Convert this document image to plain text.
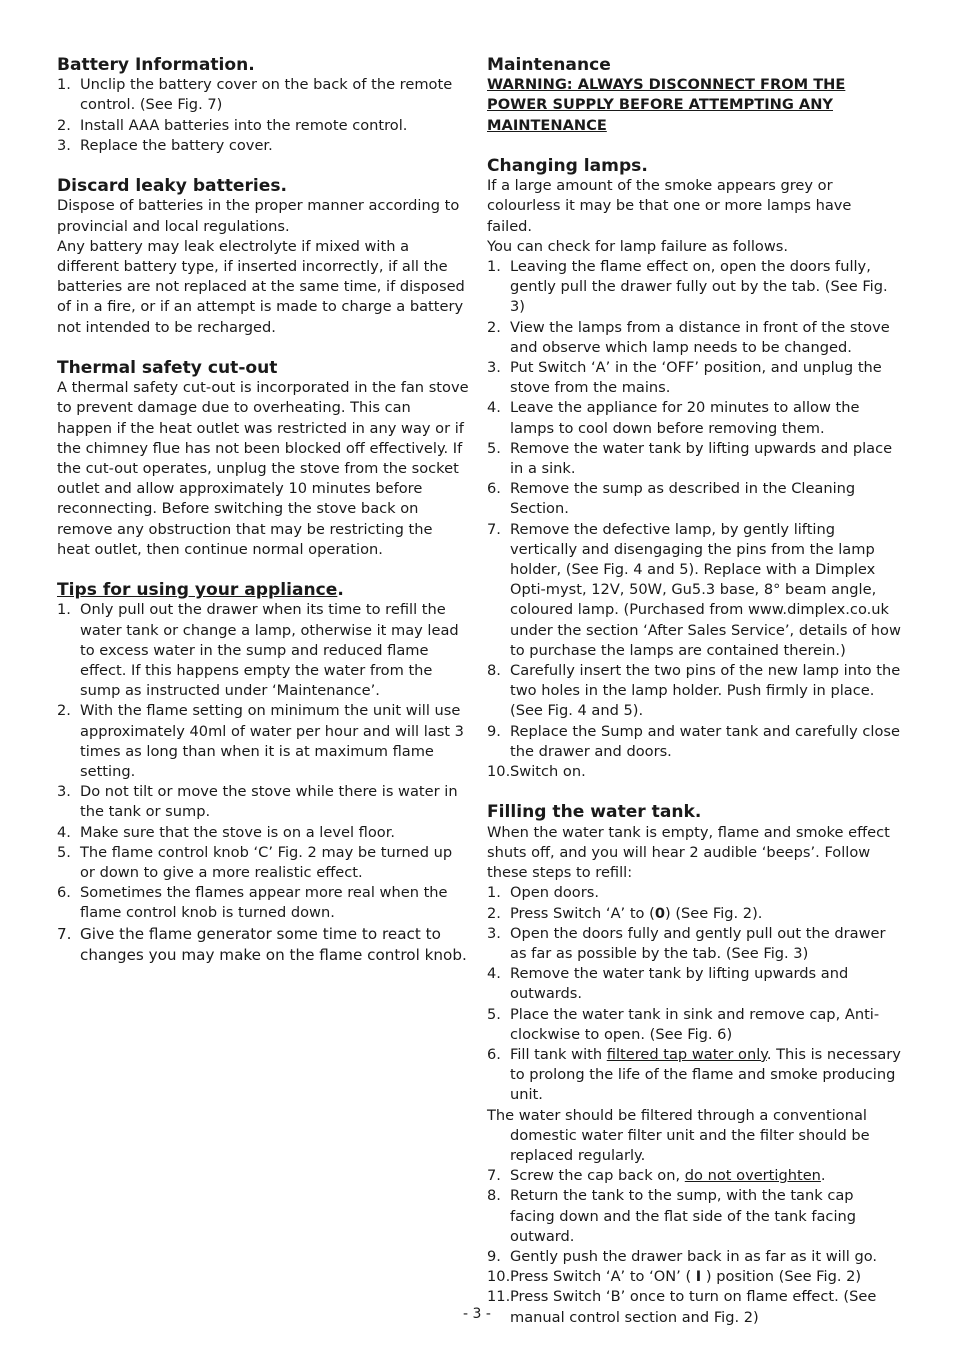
Battery Information.
1. Unclip the battery cover on the back of the remote control. (See Fig. 7)
2. Install AAA batteries into the remote control.
3. Replace the battery cover.
Discard leaky batteries.

Dispose of batteries in the proper manner according to provincial and local regulations.

Any battery may leak electrolyte if mixed with a different battery type, if inserted incorrectly, if all the batteries are not replaced at the same time, if disposed of in a fire, or if an attempt is made to charge a battery not intended to be recharged.

Thermal safety cut-out

A thermal safety cut-out is incorporated in the fan stove to prevent damage due to overheating. This can happen if the heat outlet was restricted in any way or if the chimney flue has not been blocked off effectively. If the cut-out operates, unplug the stove from the socket outlet and allow approximately 10 minutes before reconnecting. Before switching the stove back on remove any obstruction that may be restricting the heat outlet, then continue normal operation.

Tips for using your appliance.
1. Only pull out the drawer when its time to refill the water tank or change a lamp, otherwise it may lead to excess water in the sump and reduced flame effect. If this happens empty the water from the sump as instructed under ‘Maintenance’.
2. With the flame setting on minimum the unit will use approximately 40ml of water per hour and will last 3 times as long than when it is at maximum flame setting.
3. Do not tilt or move the stove while there is water in the tank or sump.
4. Make sure that the stove is on a level floor.
5. The flame control knob ‘C’ Fig. 2 may be turned up or down to give a more realistic effect.
6. Sometimes the flames appear more real when the flame control knob is turned down.
7. Give the flame generator some time to react to changes you may make on the flame control knob.
Maintenance

WARNING: ALWAYS DISCONNECT FROM THE POWER SUPPLY BEFORE ATTEMPTING ANY MAINTENANCE

Changing lamps.

If a large amount of the smoke appears grey or colourless it may be that one or more lamps have failed.

You can check for lamp failure as follows.

1. Leaving the flame effect on, open the doors fully, gently pull the drawer fully out by the tab. (See Fig. 3)
2. View the lamps from a distance in front of the stove and observe which lamp needs to be changed.
3. Put Switch ‘A’ in the ‘OFF’ position, and unplug the stove from the mains.
4. Leave the appliance for 20 minutes to allow the lamps to cool down before removing them.
5. Remove the water tank by lifting upwards and place in a sink.
6. Remove the sump as described in the Cleaning Section.
7. Remove the defective lamp, by gently lifting vertically and disengaging the pins from the lamp holder, (See Fig. 4 and 5). Replace with a Dimplex Opti-myst, 12V, 50W, Gu5.3 base, 8° beam angle, coloured lamp. (Purchased from www.dimplex.co.uk under the section ‘After Sales Service’, details of how to purchase the lamps are contained therein.)
8. Carefully insert the two pins of the new lamp into the two holes in the lamp holder. Push firmly in place. (See Fig. 4 and 5).
9. Replace the Sump and water tank and carefully close the drawer and doors.
10. Switch on.
Filling the water tank.

When the water tank is empty, flame and smoke effect shuts off, and you will hear 2 audible ‘beeps’. Follow these steps to refill:

1. Open doors.
2. Press Switch ‘A’ to (0) (See Fig. 2).
3. Open the doors fully and gently pull out the drawer as far as possible by the tab. (See Fig. 3)
4. Remove the water tank by lifting upwards and outwards.
5. Place the water tank in sink and remove cap, Anti-clockwise to open. (See Fig. 6)
6. Fill tank with filtered tap water only. This is necessary to prolong the life of the flame and smoke producing unit.

The water should be filtered through a conventional domestic water filter unit and the filter should be replaced regularly.

7. Screw the cap back on, do not overtighten.
8. Return the tank to the sump, with the tank cap facing down and the flat side of the tank facing outward.
9. Gently push the drawer back in as far as it will go.
10. Press Switch ‘A’ to ‘ON’ ( I ) position (See Fig. 2)
11. Press Switch ‘B’ once to turn on flame effect. (See manual control section and Fig. 2)
- 3 -
